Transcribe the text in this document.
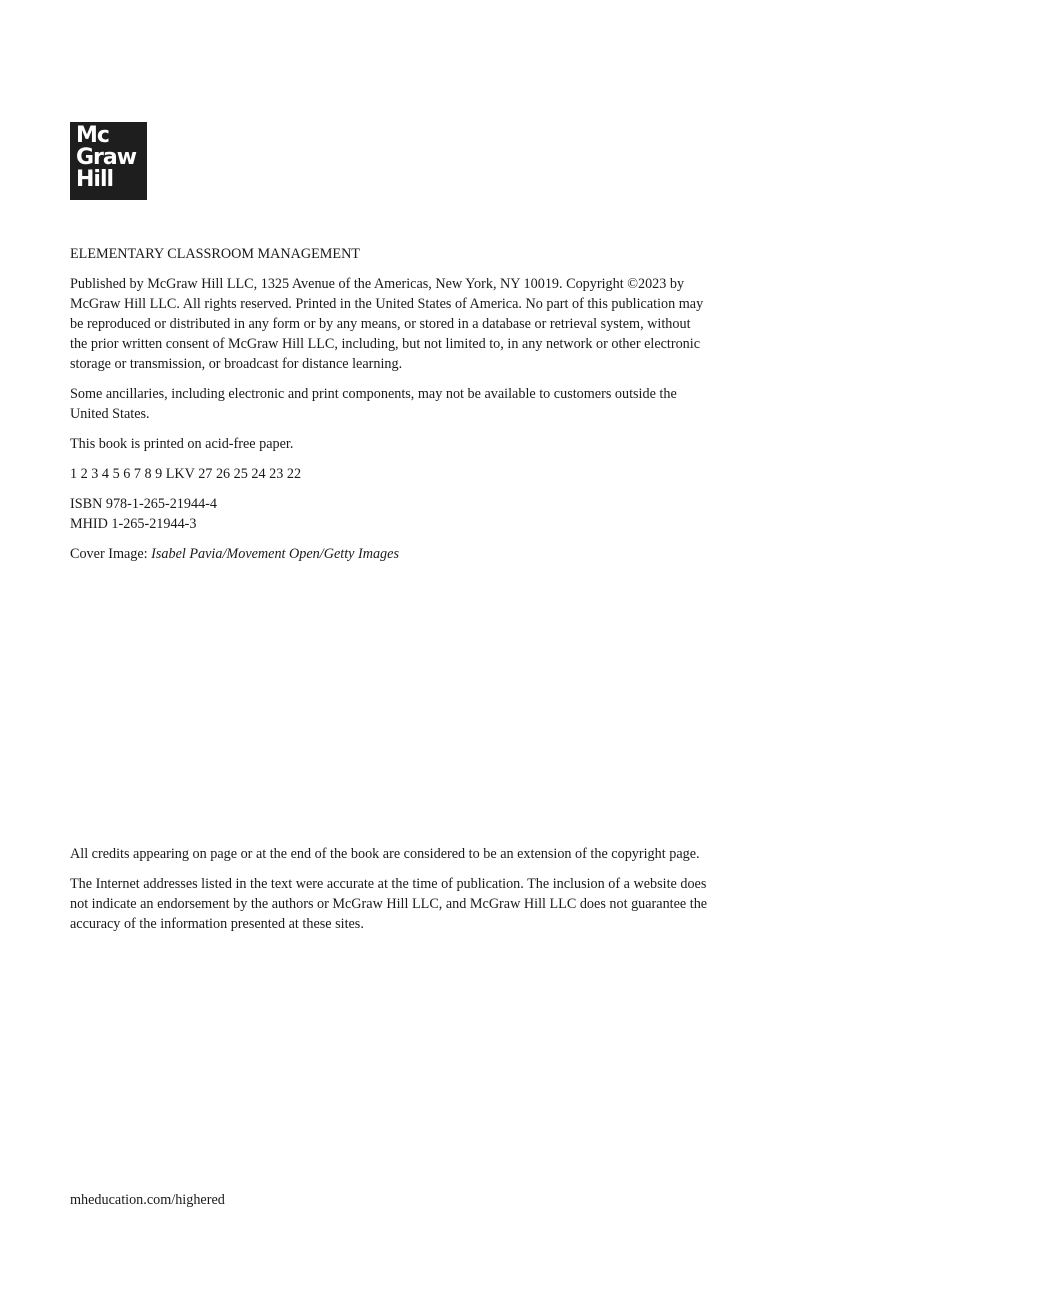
Mc
Graw
Hill

ELEMENTARY CLASSROOM MANAGEMENT

Published by McGraw Hill LLC, 1325 Avenue of the Americas, New York, NY 10019. Copyright ©2023 by
McGraw Hill LLC. All rights reserved. Printed in the United States of America. No part of this publication may
be reproduced or distributed in any form or by any means, or stored in a database or retrieval system, without
the prior written consent of McGraw Hill LLC, including, but not limited to, in any network or other electronic
storage or transmission, or broadcast for distance learning.

Some ancillaries, including electronic and print components, may not be available to customers outside the
United States.

This book is printed on acid-free paper.

1 2 3 4 5 6 7 8 9 LKV 27 26 25 24 23 22

ISBN 978-1-265-21944-4
MHID 1-265-21944-3

Cover Image: Isabel Pavia/Movement Open/Getty Images

All credits appearing on page or at the end of the book are considered to be an extension of the copyright page.

The Internet addresses listed in the text were accurate at the time of publication. The inclusion of a website does
not indicate an endorsement by the authors or McGraw Hill LLC, and McGraw Hill LLC does not guarantee the
accuracy of the information presented at these sites.

mheducation.com/highered
